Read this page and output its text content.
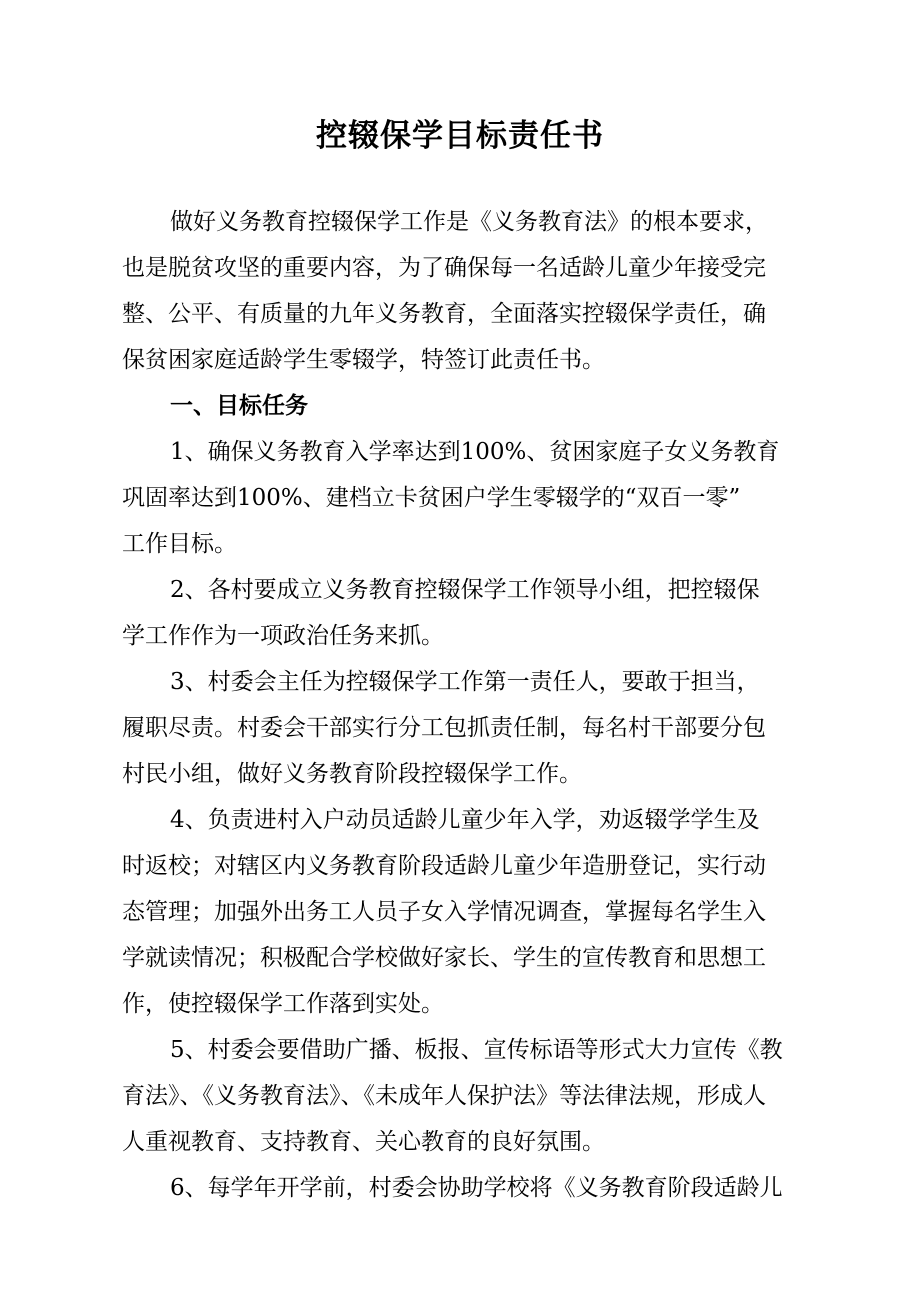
控辍保学目标责任书
做好义务教育控辍保学工作是《义务教育法》的根本要求，
也是脱贫攻坚的重要内容，为了确保每一名适龄儿童少年接受完
整、公平、有质量的九年义务教育，全面落实控辍保学责任，确
保贫困家庭适龄学生零辍学，特签订此责任书。
一、目标任务
1、确保义务教育入学率达到100%、贫困家庭子女义务教育
巩固率达到100%、建档立卡贫困户学生零辍学的“双百一零”
工作目标。
2、各村要成立义务教育控辍保学工作领导小组，把控辍保
学工作作为一项政治任务来抓。
3、村委会主任为控辍保学工作第一责任人，要敢于担当，
履职尽责。村委会干部实行分工包抓责任制，每名村干部要分包
村民小组，做好义务教育阶段控辍保学工作。
4、负责进村入户动员适龄儿童少年入学，劝返辍学学生及
时返校；对辖区内义务教育阶段适龄儿童少年造册登记，实行动
态管理；加强外出务工人员子女入学情况调查，掌握每名学生入
学就读情况；积极配合学校做好家长、学生的宣传教育和思想工
作，使控辍保学工作落到实处。
5、村委会要借助广播、板报、宣传标语等形式大力宣传《教
育法》、《义务教育法》、《未成年人保护法》等法律法规，形成人
人重视教育、支持教育、关心教育的良好氛围。
6、每学年开学前，村委会协助学校将《义务教育阶段适龄儿
